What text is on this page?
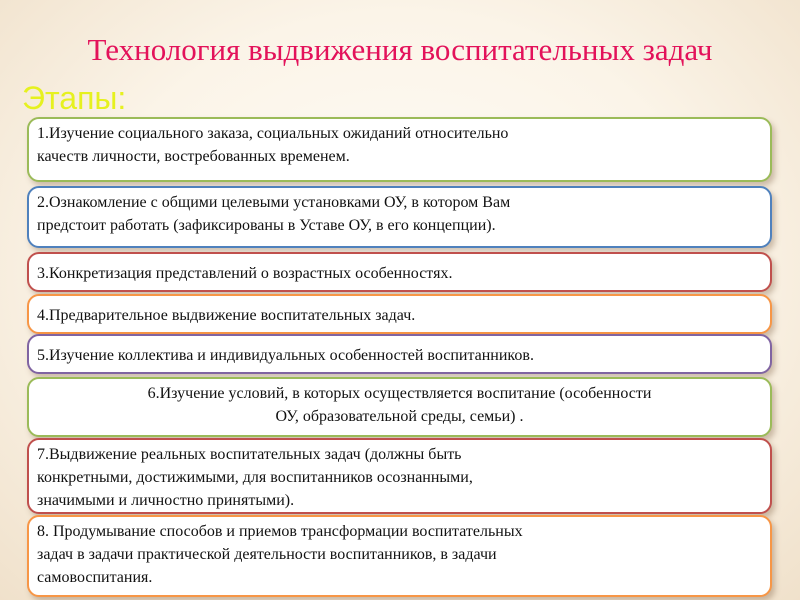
Технология выдвижения воспитательных задач
Этапы:
1.Изучение социального заказа, социальных ожиданий относительно
качеств личности, востребованных временем.
2.Ознакомление с общими целевыми установками ОУ, в котором Вам
предстоит работать (зафиксированы в Уставе ОУ, в его концепции).
3.Конкретизация представлений о возрастных особенностях.
4.Предварительное выдвижение воспитательных задач.
5.Изучение коллектива и индивидуальных особенностей воспитанников.
6.Изучение условий, в которых осуществляется воспитание (особенности
ОУ, образовательной среды, семьи) .
7.Выдвижение реальных воспитательных задач (должны быть
конкретными, достижимыми, для воспитанников осознанными,
значимыми и личностно принятыми).
8. Продумывание способов и приемов трансформации воспитательных
задач в задачи практической деятельности воспитанников, в задачи
самовоспитания.
